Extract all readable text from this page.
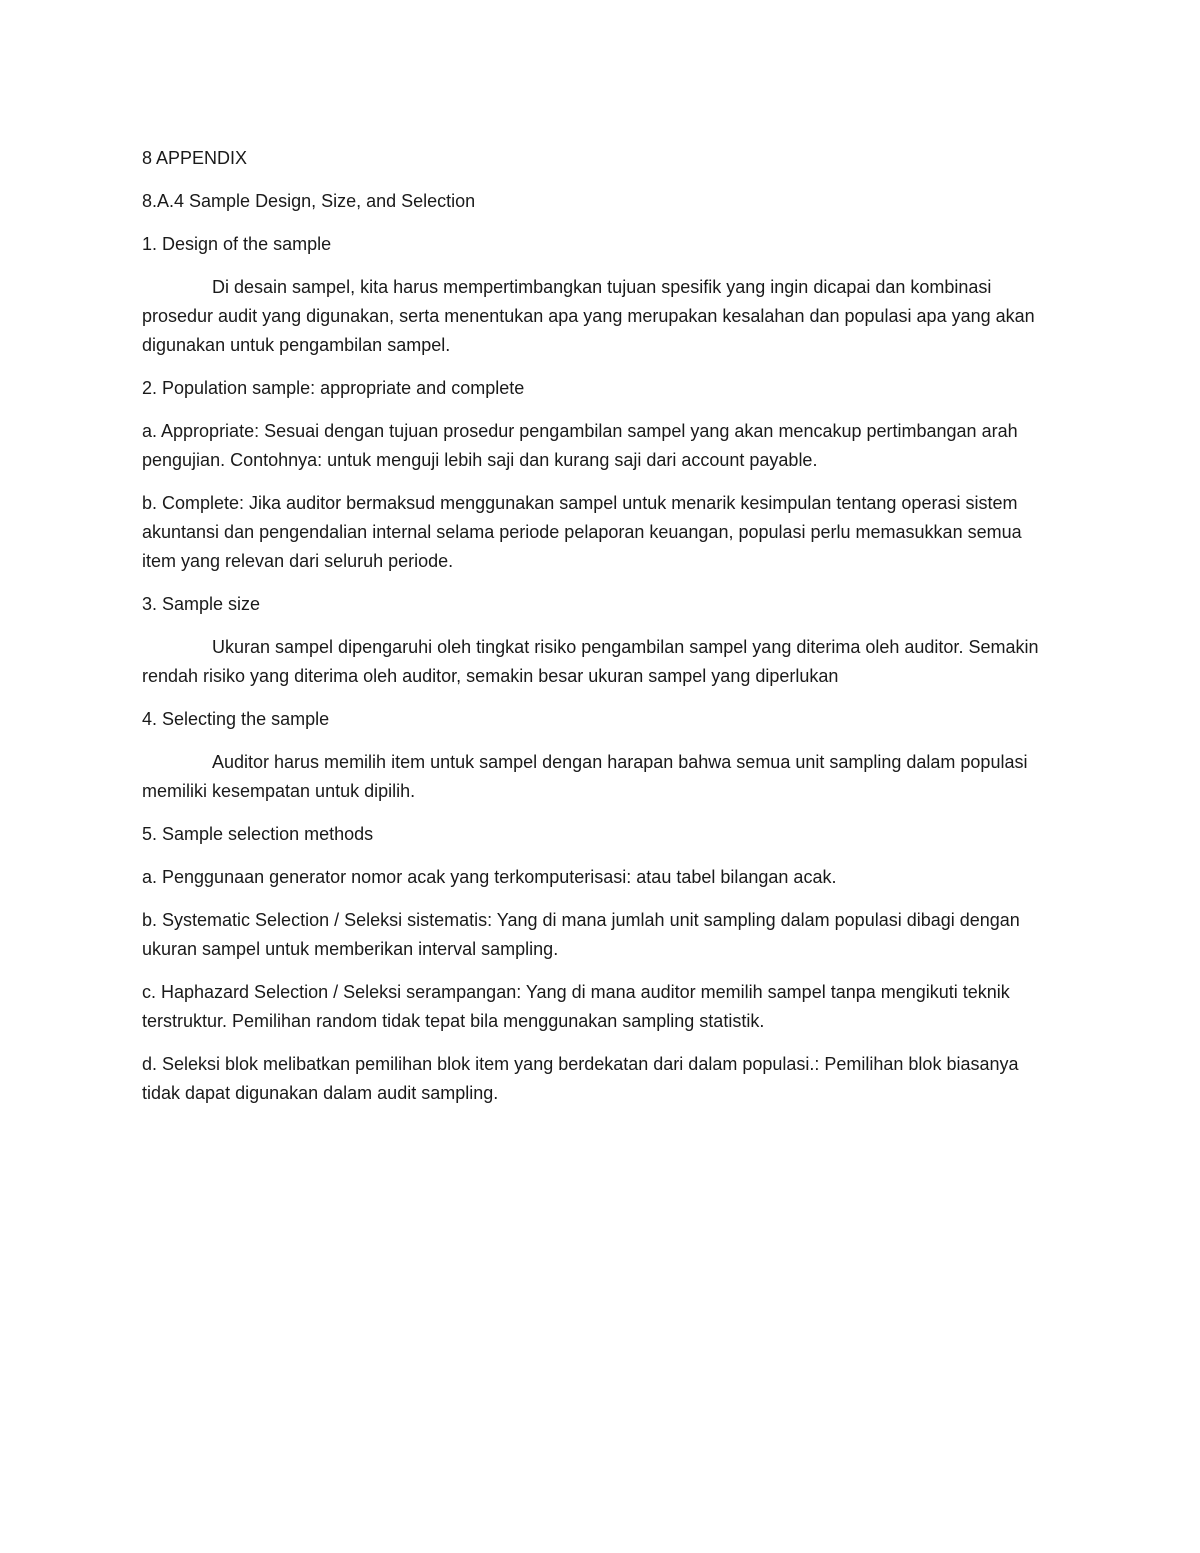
8 APPENDIX
8.A.4 Sample Design, Size, and Selection
1. Design of the sample
Di desain sampel, kita harus mempertimbangkan tujuan spesifik yang ingin dicapai dan kombinasi prosedur audit yang digunakan, serta menentukan apa yang merupakan kesalahan dan populasi apa yang akan digunakan untuk pengambilan sampel.
2. Population sample: appropriate and complete
a. Appropriate: Sesuai dengan tujuan prosedur pengambilan sampel yang akan mencakup pertimbangan arah pengujian. Contohnya: untuk menguji lebih saji dan kurang saji dari account payable.
b. Complete: Jika auditor bermaksud menggunakan sampel untuk menarik kesimpulan tentang operasi sistem akuntansi dan pengendalian internal selama periode pelaporan keuangan, populasi perlu memasukkan semua item yang relevan dari seluruh periode.
3. Sample size
Ukuran sampel dipengaruhi oleh tingkat risiko pengambilan sampel yang diterima oleh auditor. Semakin rendah risiko yang diterima oleh auditor, semakin besar ukuran sampel yang diperlukan
4. Selecting the sample
Auditor harus memilih item untuk sampel dengan harapan bahwa semua unit sampling dalam populasi memiliki kesempatan untuk dipilih.
5. Sample selection methods
a. Penggunaan generator nomor acak yang terkomputerisasi: atau tabel bilangan acak.
b. Systematic Selection / Seleksi sistematis: Yang di mana jumlah unit sampling dalam populasi dibagi dengan ukuran sampel untuk memberikan interval sampling.
c. Haphazard Selection / Seleksi serampangan: Yang di mana auditor memilih sampel tanpa mengikuti teknik terstruktur. Pemilihan random tidak tepat bila menggunakan sampling statistik.
d. Seleksi blok melibatkan pemilihan blok item yang berdekatan dari dalam populasi.: Pemilihan blok biasanya tidak dapat digunakan dalam audit sampling.
